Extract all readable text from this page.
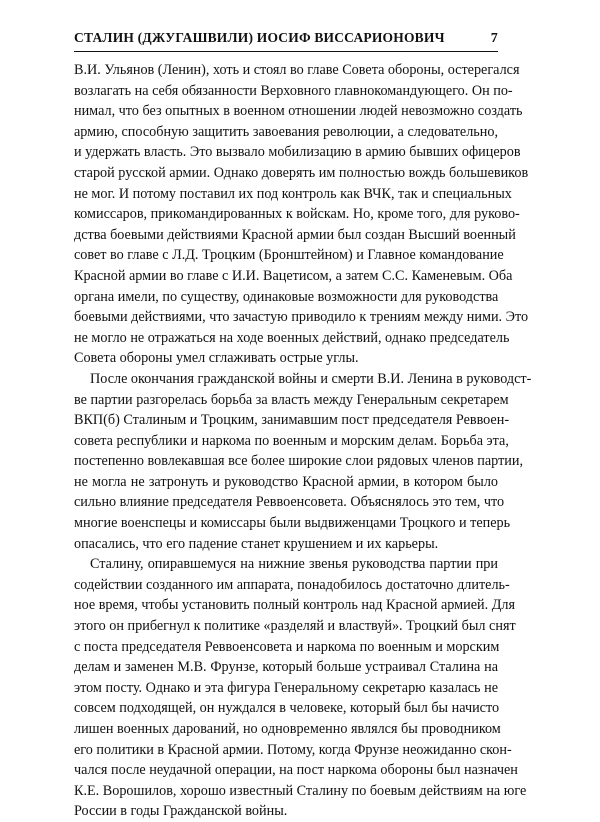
СТАЛИН (ДЖУГАШВИЛИ) ИОСИФ ВИССАРИОНОВИЧ	7
В.И. Ульянов (Ленин), хоть и стоял во главе Совета обороны, остерегался
возлагать на себя обязанности Верховного главнокомандующего. Он по-
нимал, что без опытных в военном отношении людей невозможно создать
армию, способную защитить завоевания революции, а следовательно,
и удержать власть. Это вызвало мобилизацию в армию бывших офицеров
старой русской армии. Однако доверять им полностью вождь большевиков
не мог. И потому поставил их под контроль как ВЧК, так и специальных
комиссаров, прикомандированных к войскам. Но, кроме того, для руково-
дства боевыми действиями Красной армии был создан Высший военный
совет во главе с Л.Д. Троцким (Бронштейном) и Главное командование
Красной армии во главе с И.И. Вацетисом, а затем С.С. Каменевым. Оба
органа имели, по существу, одинаковые возможности для руководства
боевыми действиями, что зачастую приводило к трениям между ними. Это
не могло не отражаться на ходе военных действий, однако председатель
Совета обороны умел сглаживать острые углы.
После окончания гражданской войны и смерти В.И. Ленина в руководст-
ве партии разгорелась борьба за власть между Генеральным секретарем
ВКП(б) Сталиным и Троцким, занимавшим пост председателя Реввоен-
совета республики и наркома по военным и морским делам. Борьба эта,
постепенно вовлекавшая все более широкие слои рядовых членов партии,
не могла не затронуть и руководство Красной армии, в котором было
сильно влияние председателя Реввоенсовета. Объяснялось это тем, что
многие военспецы и комиссары были выдвиженцами Троцкого и теперь
опасались, что его падение станет крушением и их карьеры.
Сталину, опиравшемуся на нижние звенья руководства партии при
содействии созданного им аппарата, понадобилось достаточно длитель-
ное время, чтобы установить полный контроль над Красной армией. Для
этого он прибегнул к политике «разделяй и властвуй». Троцкий был снят
с поста председателя Реввоенсовета и наркома по военным и морским
делам и заменен М.В. Фрунзе, который больше устраивал Сталина на
этом посту. Однако и эта фигура Генеральному секретарю казалась не
совсем подходящей, он нуждался в человеке, который был бы начисто
лишен военных дарований, но одновременно являлся бы проводником
его политики в Красной армии. Потому, когда Фрунзе неожиданно скон-
чался после неудачной операции, на пост наркома обороны был назначен
К.Е. Ворошилов, хорошо известный Сталину по боевым действиям на юге
России в годы Гражданской войны.
